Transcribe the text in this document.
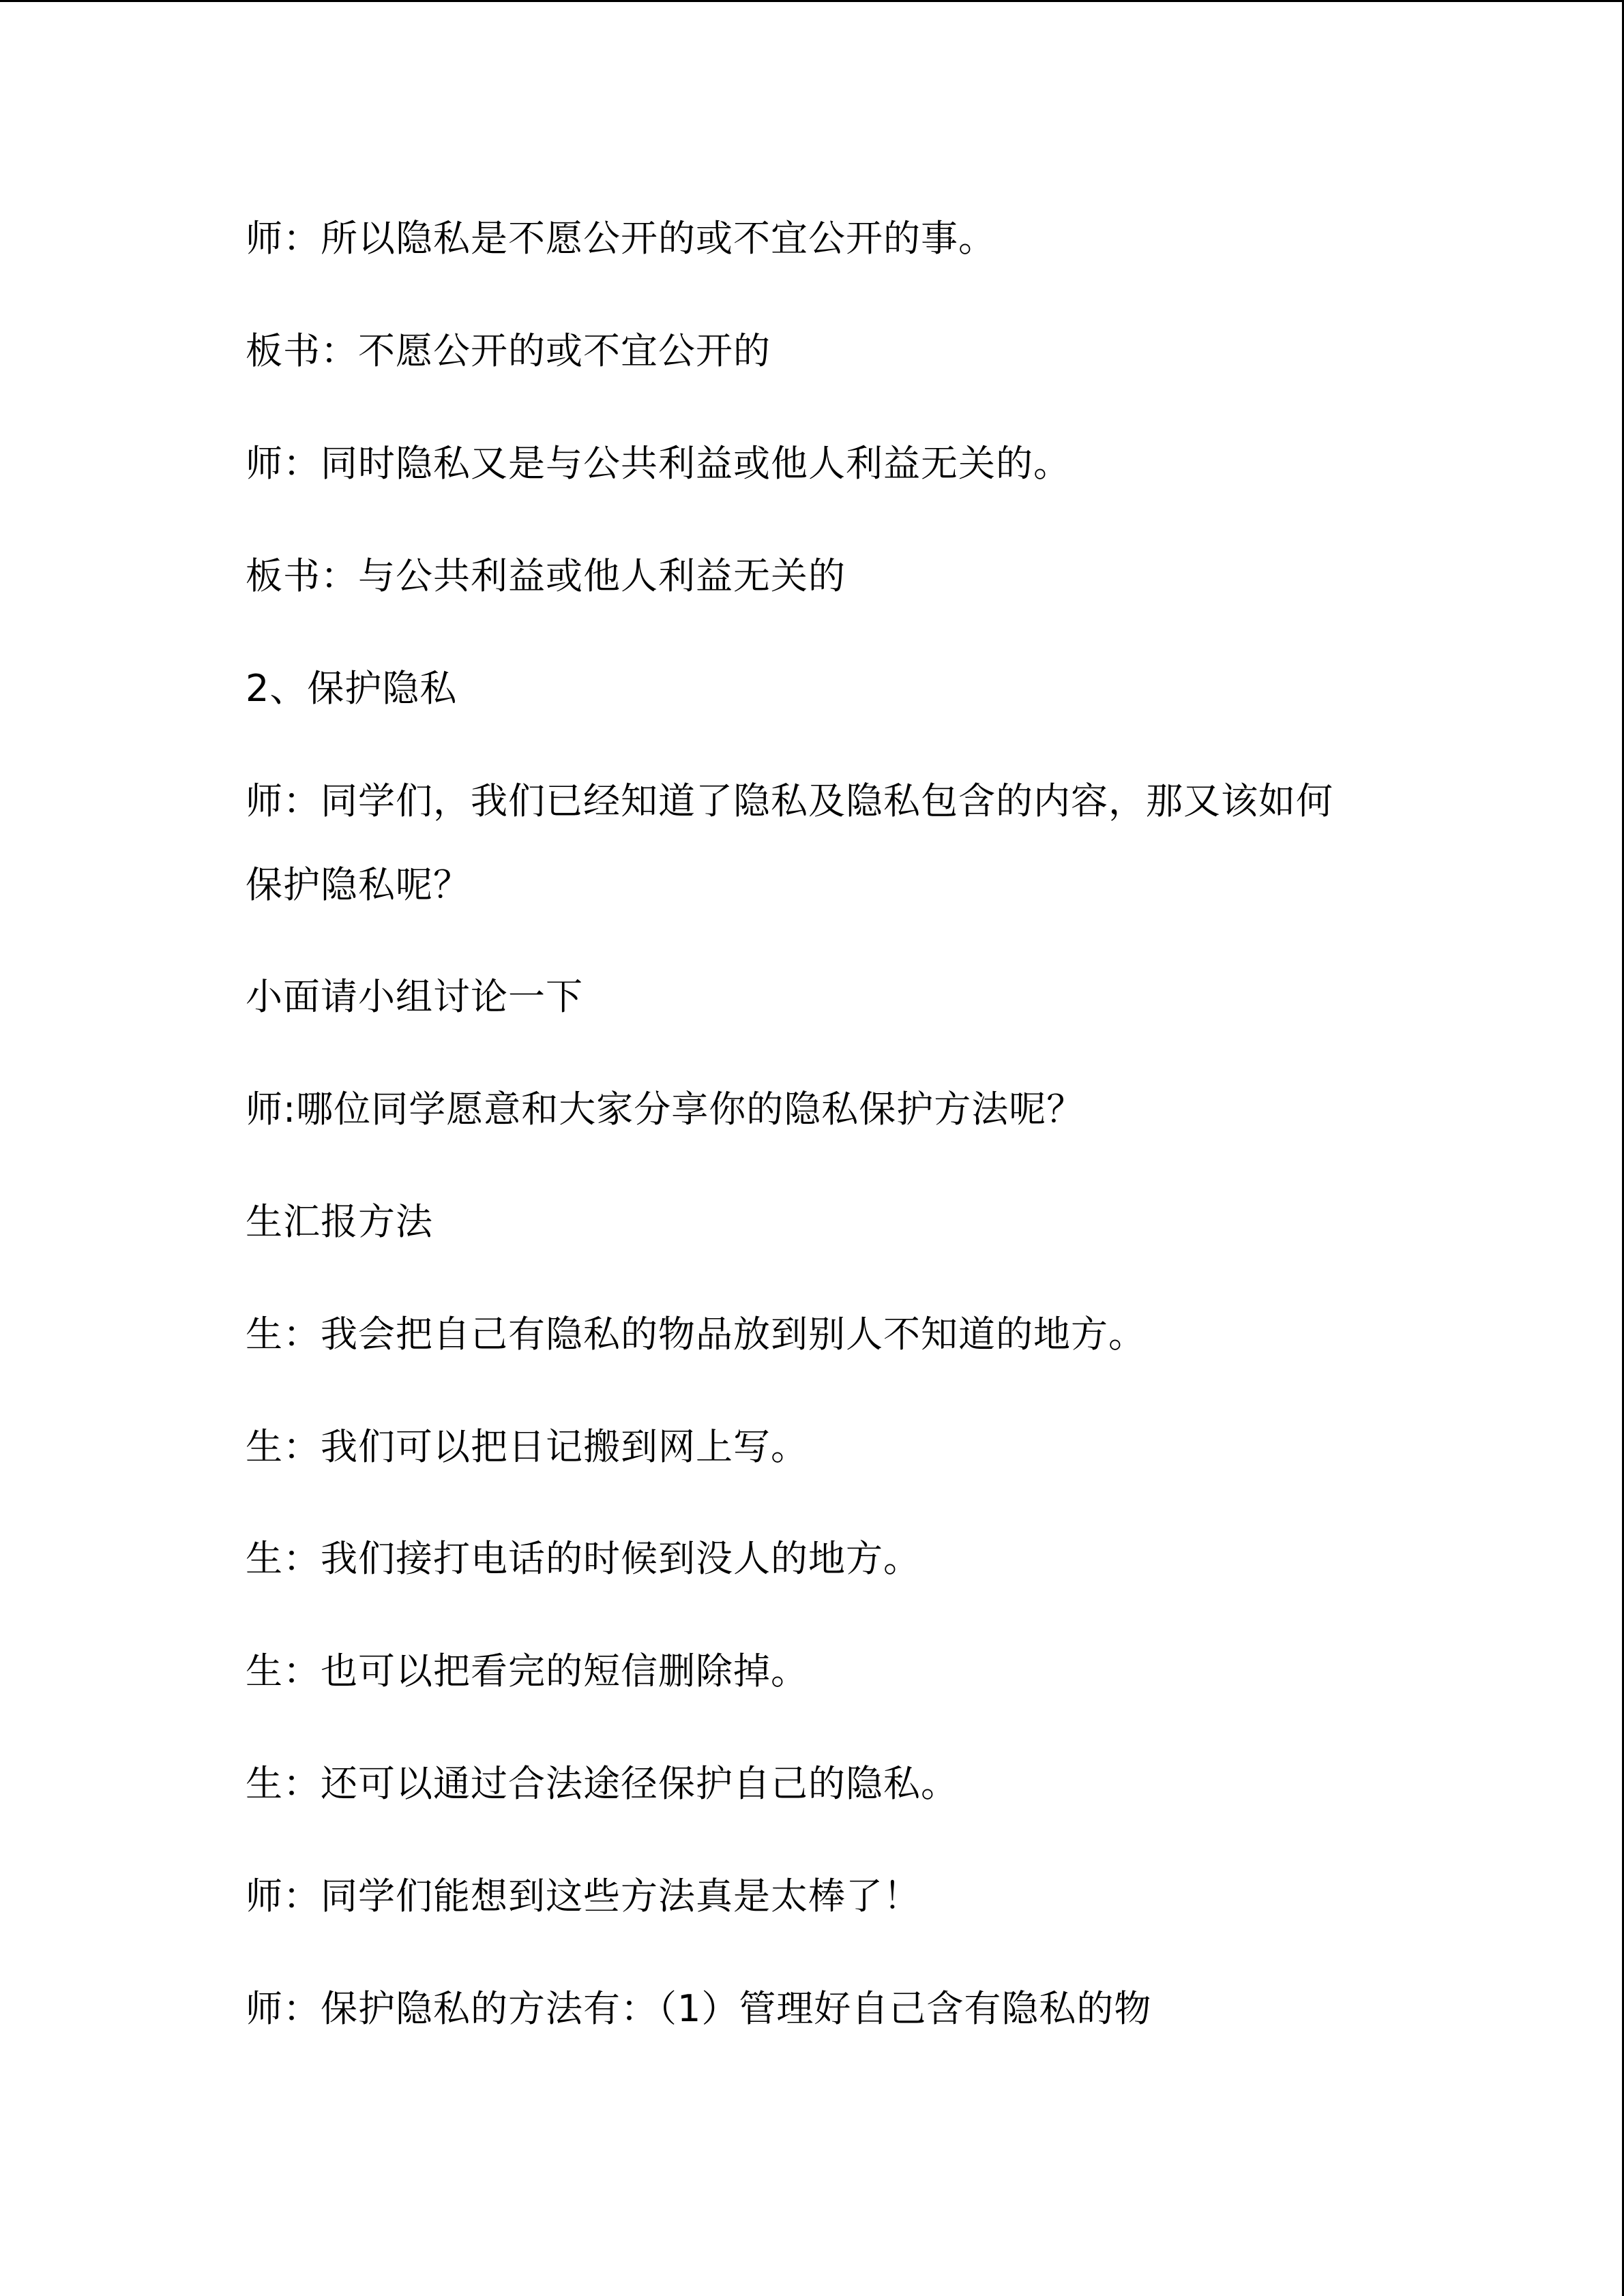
师：所以隐私是不愿公开的或不宜公开的事。
板书：不愿公开的或不宜公开的
师：同时隐私又是与公共利益或他人利益无关的。
板书：与公共利益或他人利益无关的
2、保护隐私
师：同学们，我们已经知道了隐私及隐私包含的内容，那又该如何
保护隐私呢？
小面请小组讨论一下
师:哪位同学愿意和大家分享你的隐私保护方法呢？
生汇报方法
生：我会把自己有隐私的物品放到别人不知道的地方。
生：我们可以把日记搬到网上写。
生：我们接打电话的时候到没人的地方。
生：也可以把看完的短信删除掉。
生：还可以通过合法途径保护自己的隐私。
师：同学们能想到这些方法真是太棒了！
师：保护隐私的方法有：（1）管理好自己含有隐私的物
